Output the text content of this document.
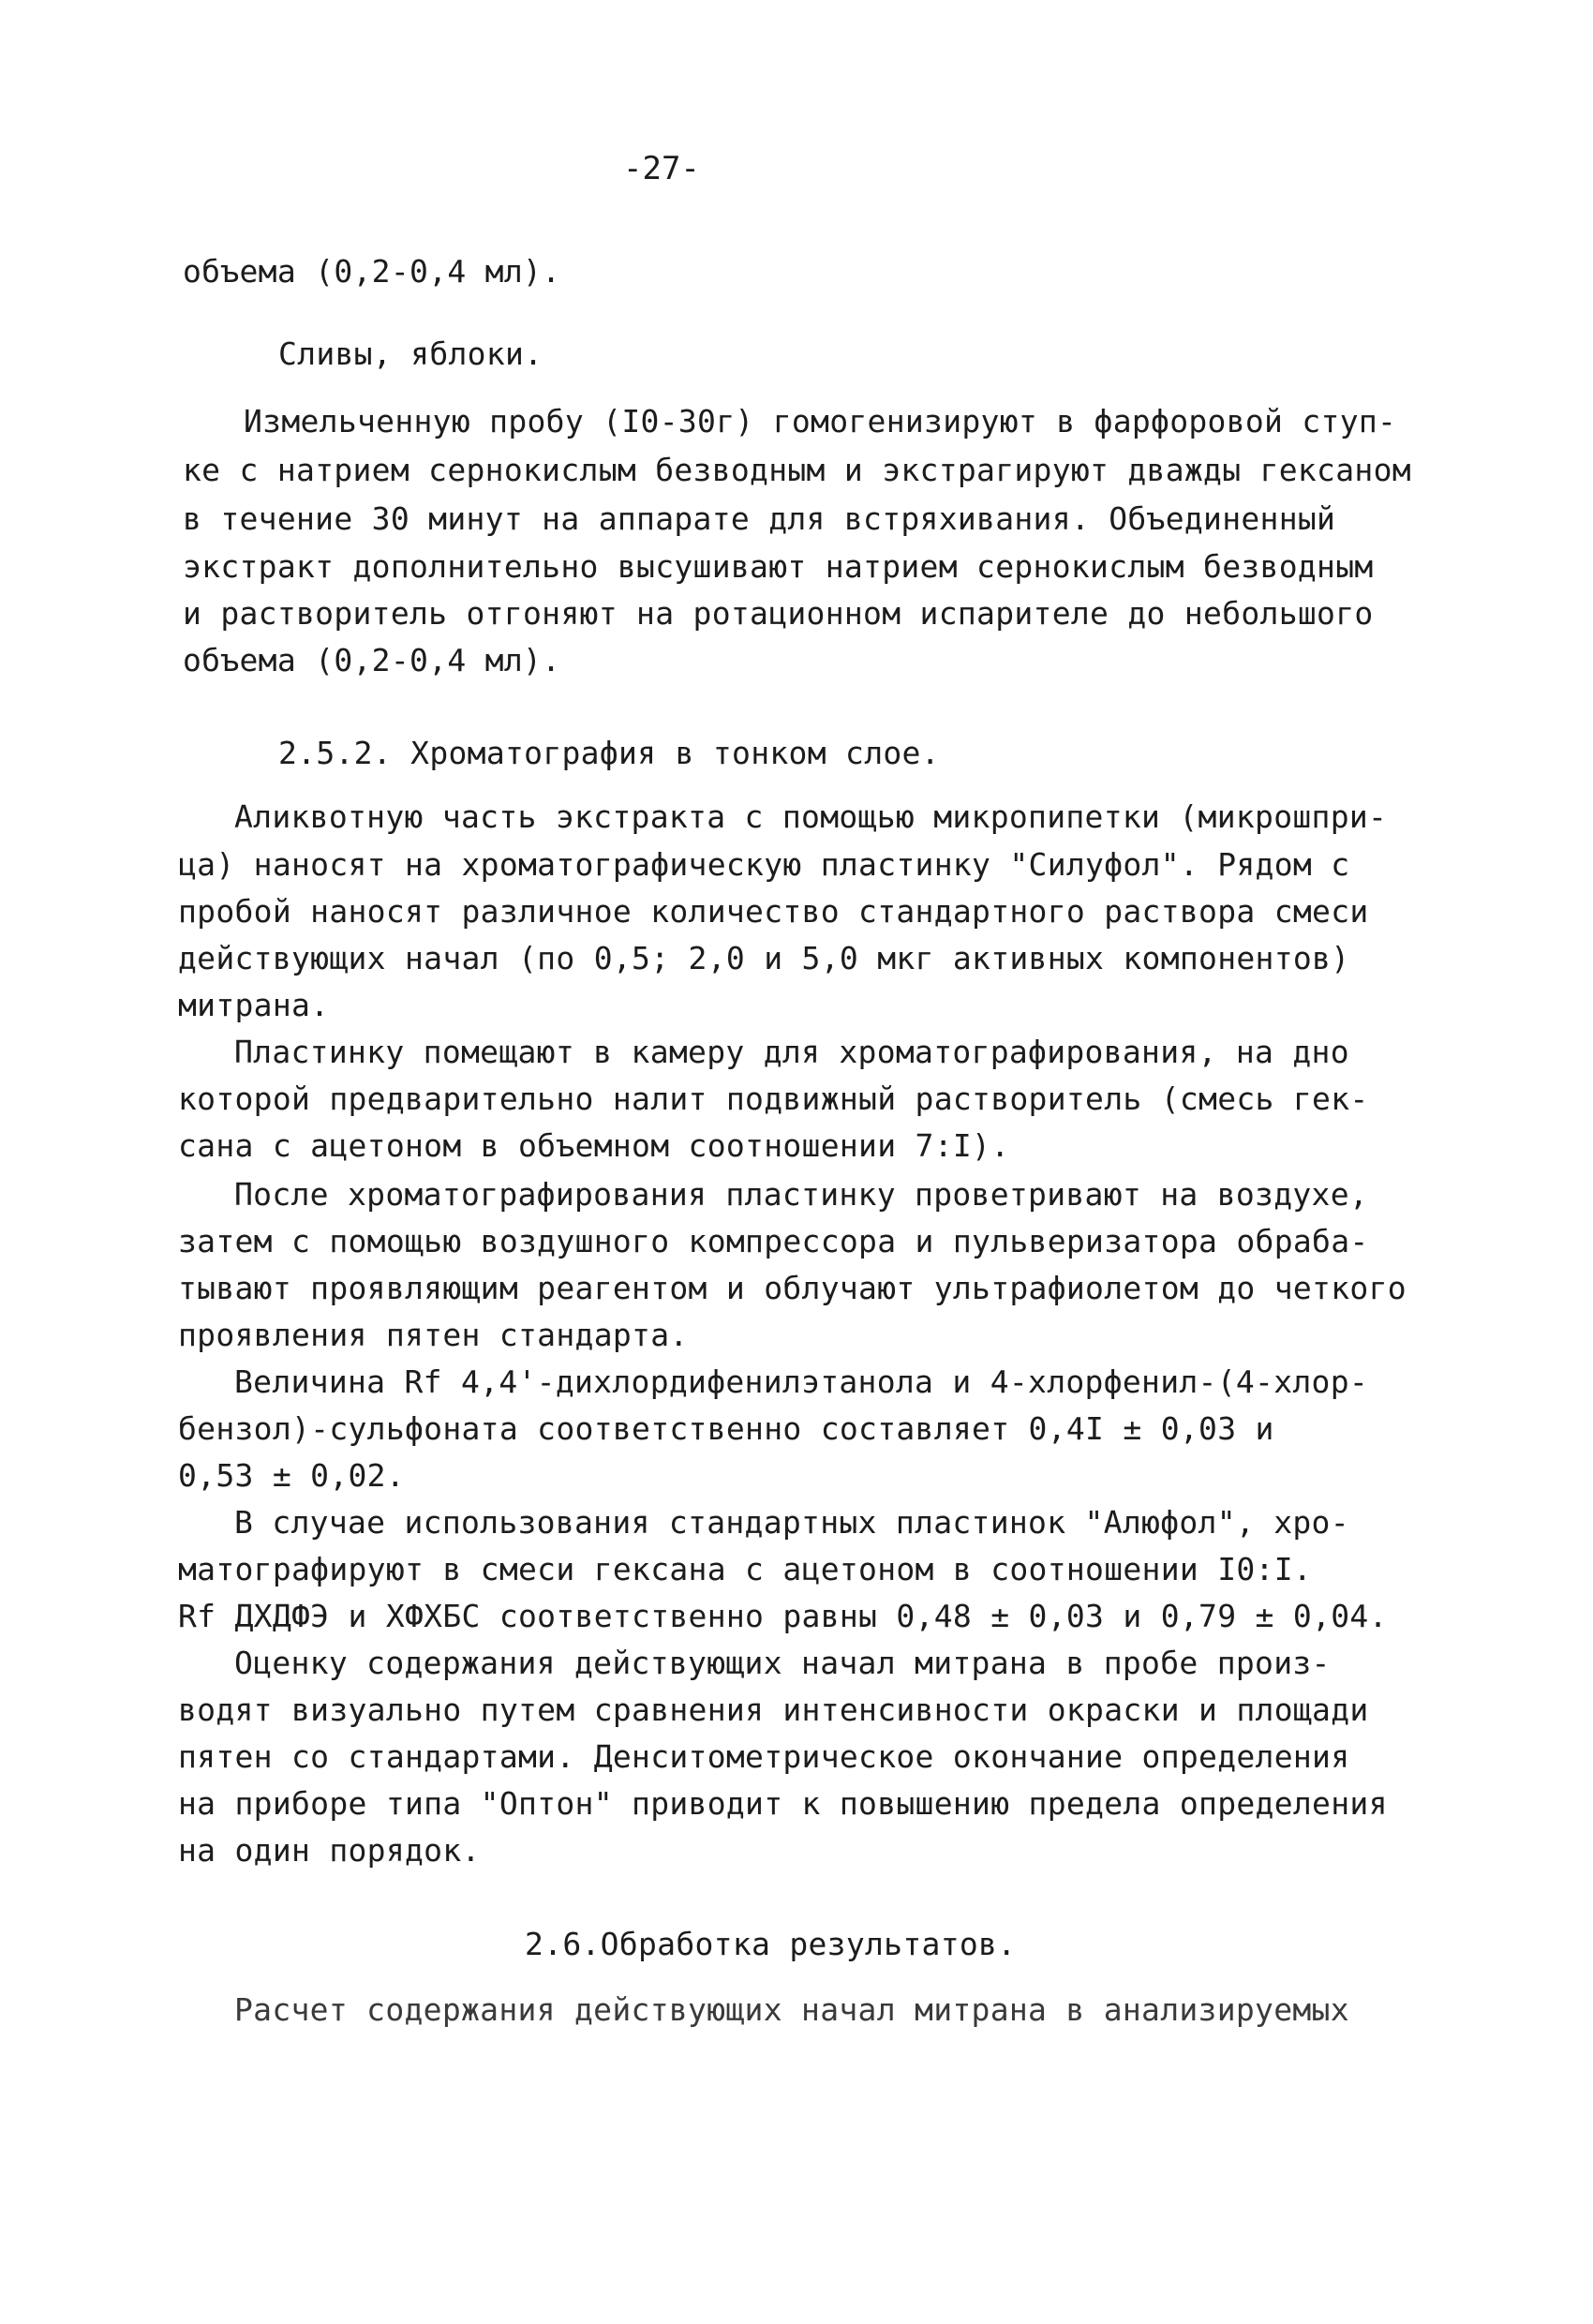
-27-
объема (0,2-0,4 мл).
Сливы, яблоки.
Измельченную пробу (I0-30г) гомогенизируют в фарфоровой ступ-
ке с натрием сернокислым безводным и экстрагируют дважды гексаном
в течение 30 минут на аппарате для встряхивания. Объединенный
экстракт дополнительно высушивают натрием сернокислым безводным
и растворитель отгоняют на ротационном испарителе до небольшого
объема (0,2-0,4 мл).
2.5.2. Хроматография в тонком слое.
Аликвотную часть экстракта с помощью микропипетки (микрошпри-
ца) наносят на хроматографическую пластинку "Силуфол". Рядом с
пробой наносят различное количество стандартного раствора смеси
действующих начал (по 0,5; 2,0 и 5,0 мкг активных компонентов)
митрана.
Пластинку помещают в камеру для хроматографирования, на дно
которой предварительно налит подвижный растворитель (смесь гек-
сана с ацетоном в объемном соотношении 7:I).
После хроматографирования пластинку проветривают на воздухе,
затем с помощью воздушного компрессора и пульверизатора обраба-
тывают проявляющим реагентом и облучают ультрафиолетом до четкого
проявления пятен стандарта.
Величина Rf 4,4'-дихлордифенилэтанола и 4-хлорфенил-(4-хлор-
бензол)-сульфоната соответственно составляет 0,4I ± 0,03 и
0,53 ± 0,02.
В случае использования стандартных пластинок "Алюфол", хро-
матографируют в смеси гексана с ацетоном в соотношении I0:I.
Rf ДХДФЭ и ХФХБС соответственно равны 0,48 ± 0,03 и 0,79 ± 0,04.
Оценку содержания действующих начал митрана в пробе произ-
водят визуально путем сравнения интенсивности окраски и площади
пятен со стандартами. Денситометрическое окончание определения
на приборе типа "Оптон" приводит к повышению предела определения
на один порядок.
2.6.Обработка результатов.
Расчет содержания действующих начал митрана в анализируемых
